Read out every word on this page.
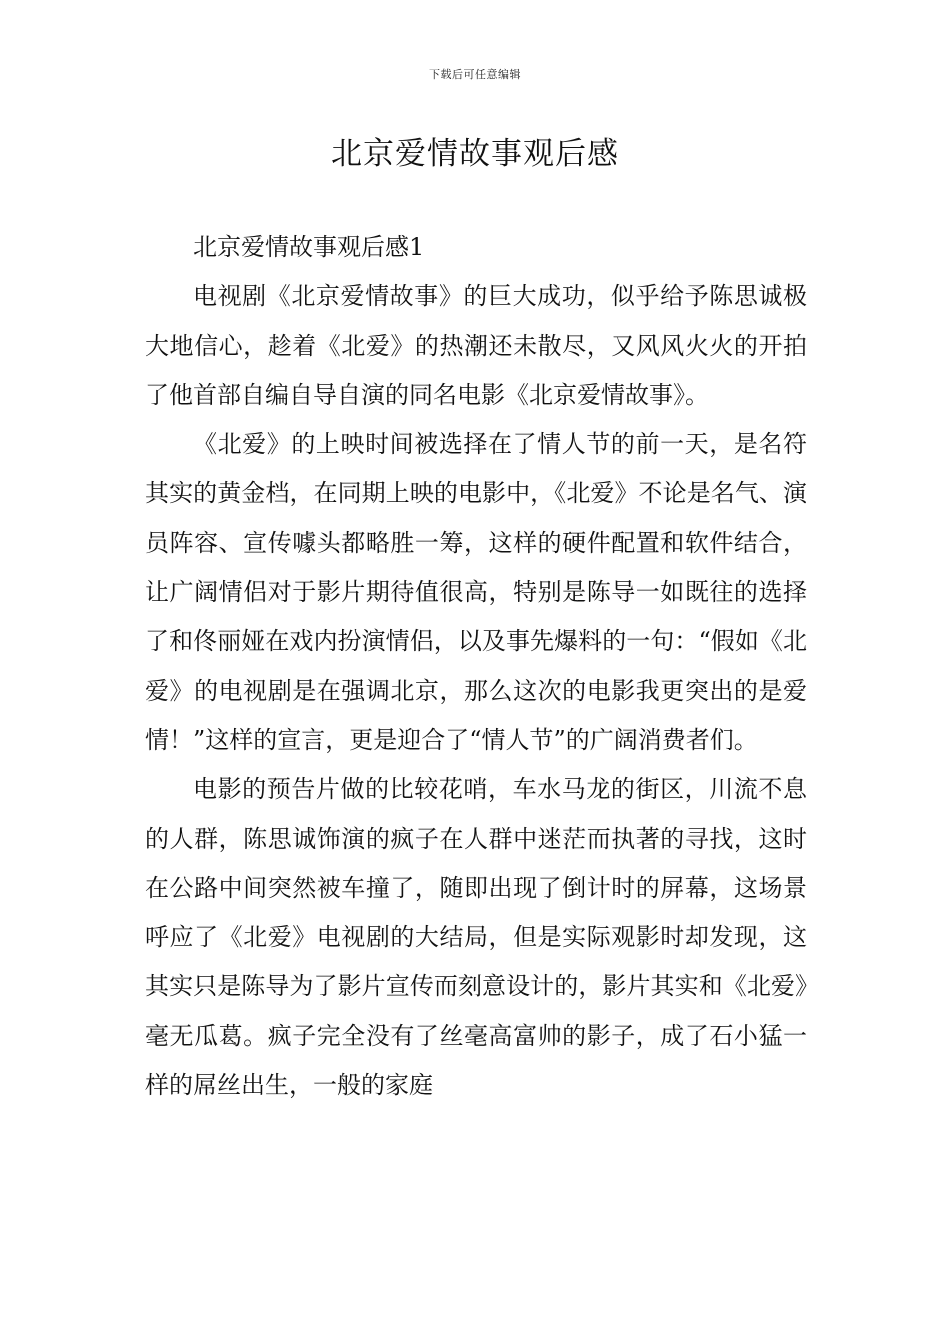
下载后可任意编辑
北京爱情故事观后感

北京爱情故事观后感1

电视剧《北京爱情故事》的巨大成功，似乎给予陈思诚极大地信心，趁着《北爱》的热潮还未散尽，又风风火火的开拍了他首部自编自导自演的同名电影《北京爱情故事》。

《北爱》的上映时间被选择在了情人节的前一天，是名符其实的黄金档，在同期上映的电影中，《北爱》不论是名气、演员阵容、宣传噱头都略胜一筹，这样的硬件配置和软件结合，让广阔情侣对于影片期待值很高，特别是陈导一如既往的选择了和佟丽娅在戏内扮演情侣，以及事先爆料的一句：“假如《北爱》的电视剧是在强调北京，那么这次的电影我更突出的是爱情！”这样的宣言，更是迎合了“情人节”的广阔消费者们。

电影的预告片做的比较花哨，车水马龙的街区，川流不息的人群，陈思诚饰演的疯子在人群中迷茫而执著的寻找，这时在公路中间突然被车撞了，随即出现了倒计时的屏幕，这场景呼应了《北爱》电视剧的大结局，但是实际观影时却发现，这其实只是陈导为了影片宣传而刻意设计的，影片其实和《北爱》毫无瓜葛。疯子完全没有了丝毫高富帅的影子，成了石小猛一样的屌丝出生，一般的家庭
